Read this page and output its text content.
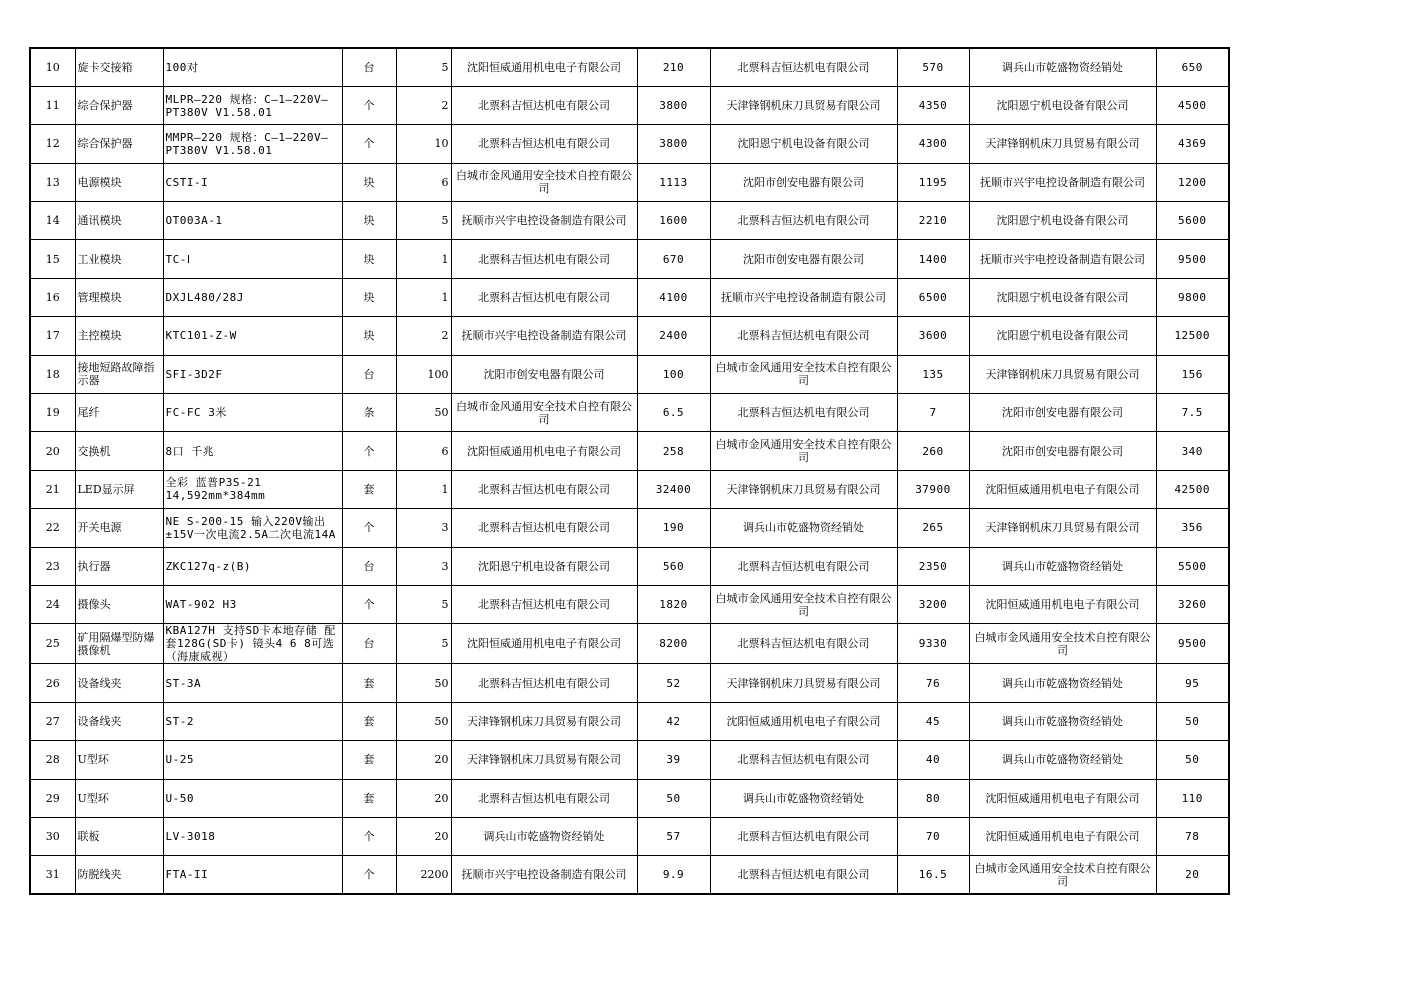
10	旋卡交接箱	100对	台	5	沈阳恒威通用机电电子有限公司	210	北票科吉恒达机电有限公司	570	调兵山市乾盛物资经销处	650
11	综合保护器	MLPR—220 规格：C—1—220V—PT380V V1.58.01	个	2	北票科吉恒达机电有限公司	3800	天津锋钢机床刀具贸易有限公司	4350	沈阳恩宁机电设备有限公司	4500
12	综合保护器	MMPR—220 规格：C—1—220V—PT380V V1.58.01	个	10	北票科吉恒达机电有限公司	3800	沈阳恩宁机电设备有限公司	4300	天津锋钢机床刀具贸易有限公司	4369
13	电源模块	CSTI-I	块	6	白城市金风通用安全技术自控有限公司	1113	沈阳市创安电器有限公司	1195	抚顺市兴宇电控设备制造有限公司	1200
14	通讯模块	OT003A-1	块	5	抚顺市兴宇电控设备制造有限公司	1600	北票科吉恒达机电有限公司	2210	沈阳恩宁机电设备有限公司	5600
15	工业模块	TC-Ⅰ	块	1	北票科吉恒达机电有限公司	670	沈阳市创安电器有限公司	1400	抚顺市兴宇电控设备制造有限公司	9500
16	管理模块	DXJL480/28J	块	1	北票科吉恒达机电有限公司	4100	抚顺市兴宇电控设备制造有限公司	6500	沈阳恩宁机电设备有限公司	9800
17	主控模块	KTC101-Z-W	块	2	抚顺市兴宇电控设备制造有限公司	2400	北票科吉恒达机电有限公司	3600	沈阳恩宁机电设备有限公司	12500
18	接地短路故障指示器	SFI-3D2F	台	100	沈阳市创安电器有限公司	100	白城市金风通用安全技术自控有限公司	135	天津锋钢机床刀具贸易有限公司	156
19	尾纤	FC-FC 3米	条	50	白城市金风通用安全技术自控有限公司	6.5	北票科吉恒达机电有限公司	7	沈阳市创安电器有限公司	7.5
20	交换机	8口 千兆	个	6	沈阳恒威通用机电电子有限公司	258	白城市金风通用安全技术自控有限公司	260	沈阳市创安电器有限公司	340
21	LED显示屏	全彩 蓝普P3S-21 14,592mm*384mm	套	1	北票科吉恒达机电有限公司	32400	天津锋钢机床刀具贸易有限公司	37900	沈阳恒威通用机电电子有限公司	42500
22	开关电源	NE S-200-15 输入220V输出±15V一次电流2.5A二次电流14A	个	3	北票科吉恒达机电有限公司	190	调兵山市乾盛物资经销处	265	天津锋钢机床刀具贸易有限公司	356
23	执行器	ZKC127q-z(B)	台	3	沈阳恩宁机电设备有限公司	560	北票科吉恒达机电有限公司	2350	调兵山市乾盛物资经销处	5500
24	摄像头	WAT-902 H3	个	5	北票科吉恒达机电有限公司	1820	白城市金风通用安全技术自控有限公司	3200	沈阳恒威通用机电电子有限公司	3260
25	矿用隔爆型防爆摄像机	KBA127H 支持SD卡本地存储 配套128G(SD卡) 镜头4 6 8可选（海康威视）	台	5	沈阳恒威通用机电电子有限公司	8200	北票科吉恒达机电有限公司	9330	白城市金风通用安全技术自控有限公司	9500
26	设备线夹	ST-3A	套	50	北票科吉恒达机电有限公司	52	天津锋钢机床刀具贸易有限公司	76	调兵山市乾盛物资经销处	95
27	设备线夹	ST-2	套	50	天津锋钢机床刀具贸易有限公司	42	沈阳恒威通用机电电子有限公司	45	调兵山市乾盛物资经销处	50
28	U型环	U-25	套	20	天津锋钢机床刀具贸易有限公司	39	北票科吉恒达机电有限公司	40	调兵山市乾盛物资经销处	50
29	U型环	U-50	套	20	北票科吉恒达机电有限公司	50	调兵山市乾盛物资经销处	80	沈阳恒威通用机电电子有限公司	110
30	联板	LV-3018	个	20	调兵山市乾盛物资经销处	57	北票科吉恒达机电有限公司	70	沈阳恒威通用机电电子有限公司	78
31	防脱线夹	FTA-II	个	2200	抚顺市兴宇电控设备制造有限公司	9.9	北票科吉恒达机电有限公司	16.5	白城市金风通用安全技术自控有限公司	20
